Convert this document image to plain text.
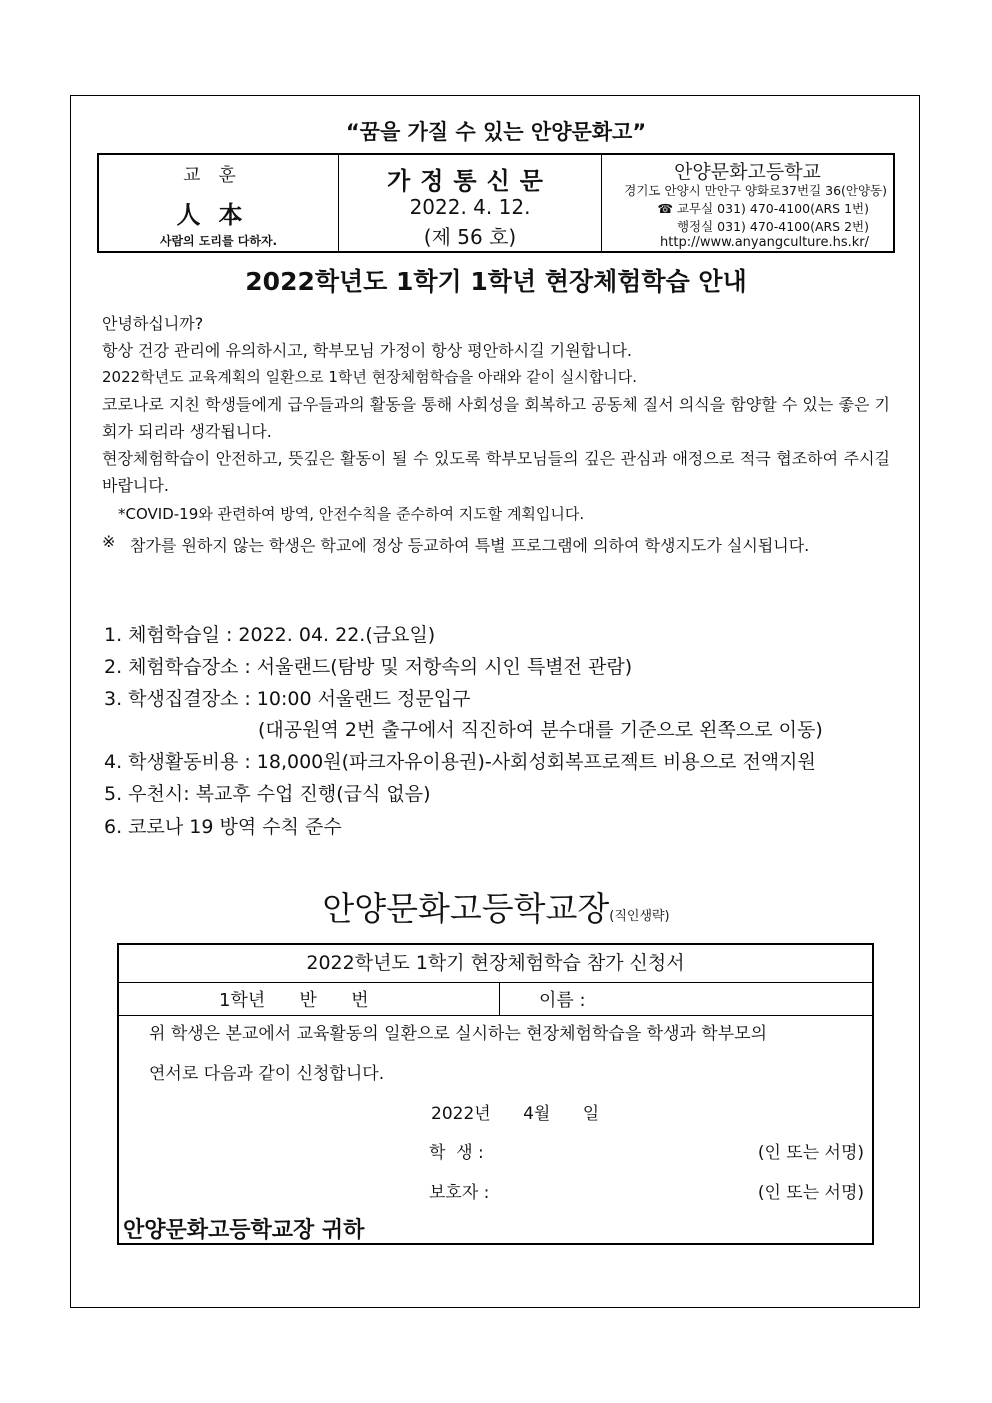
“꿈을 가질 수 있는 안양문화고”
교훈
人本
사람의 도리를 다하자.
가정통신문
2022. 4. 12.
(제 56 호)
안양문화고등학교
경기도 안양시 만안구 양화로37번길 36(안양동)
☎ 교무실 031) 470-4100(ARS 1번)
행정실 031) 470-4100(ARS 2번)
http://www.anyangculture.hs.kr/
2022학년도 1학기 1학년 현장체험학습 안내
안녕하십니까?
항상 건강 관리에 유의하시고, 학부모님 가정이 항상 평안하시길 기원합니다.
2022학년도 교육계획의 일환으로 1학년 현장체험학습을 아래와 같이 실시합니다.
코로나로 지친 학생들에게 급우들과의 활동을 통해 사회성을 회복하고 공동체 질서 의식을 함양할 수 있는 좋은 기회가 되리라 생각됩니다.
현장체험학습이 안전하고, 뜻깊은 활동이 될 수 있도록 학부모님들의 깊은 관심과 애정으로 적극 협조하여 주시길 바랍니다.
*COVID-19와 관련하여 방역, 안전수칙을 준수하여 지도할 계획입니다.
※ 참가를 원하지 않는 학생은 학교에 정상 등교하여 특별 프로그램에 의하여 학생지도가 실시됩니다.
1. 체험학습일 : 2022. 04. 22.(금요일)
2. 체험학습장소 : 서울랜드(탐방 및 저항속의 시인 특별전 관람)
3. 학생집결장소 : 10:00 서울랜드 정문입구
(대공원역 2번 출구에서 직진하여 분수대를 기준으로 왼쪽으로 이동)
4. 학생활동비용 : 18,000원(파크자유이용권)-사회성회복프로젝트 비용으로 전액지원
5. 우천시: 복교후 수업 진행(급식 없음)
6. 코로나 19 방역 수칙 준수
안양문화고등학교장(직인생략)
2022학년도 1학기 현장체험학습 참가 신청서
1학년      반      번	이름 :
위 학생은 본교에서 교육활동의 일환으로 실시하는 현장체험학습을 학생과 학부모의
연서로 다음과 같이 신청합니다.
2022년      4월      일
학  생 :	(인 또는 서명)
보호자 :	(인 또는 서명)
안양문화고등학교장 귀하
